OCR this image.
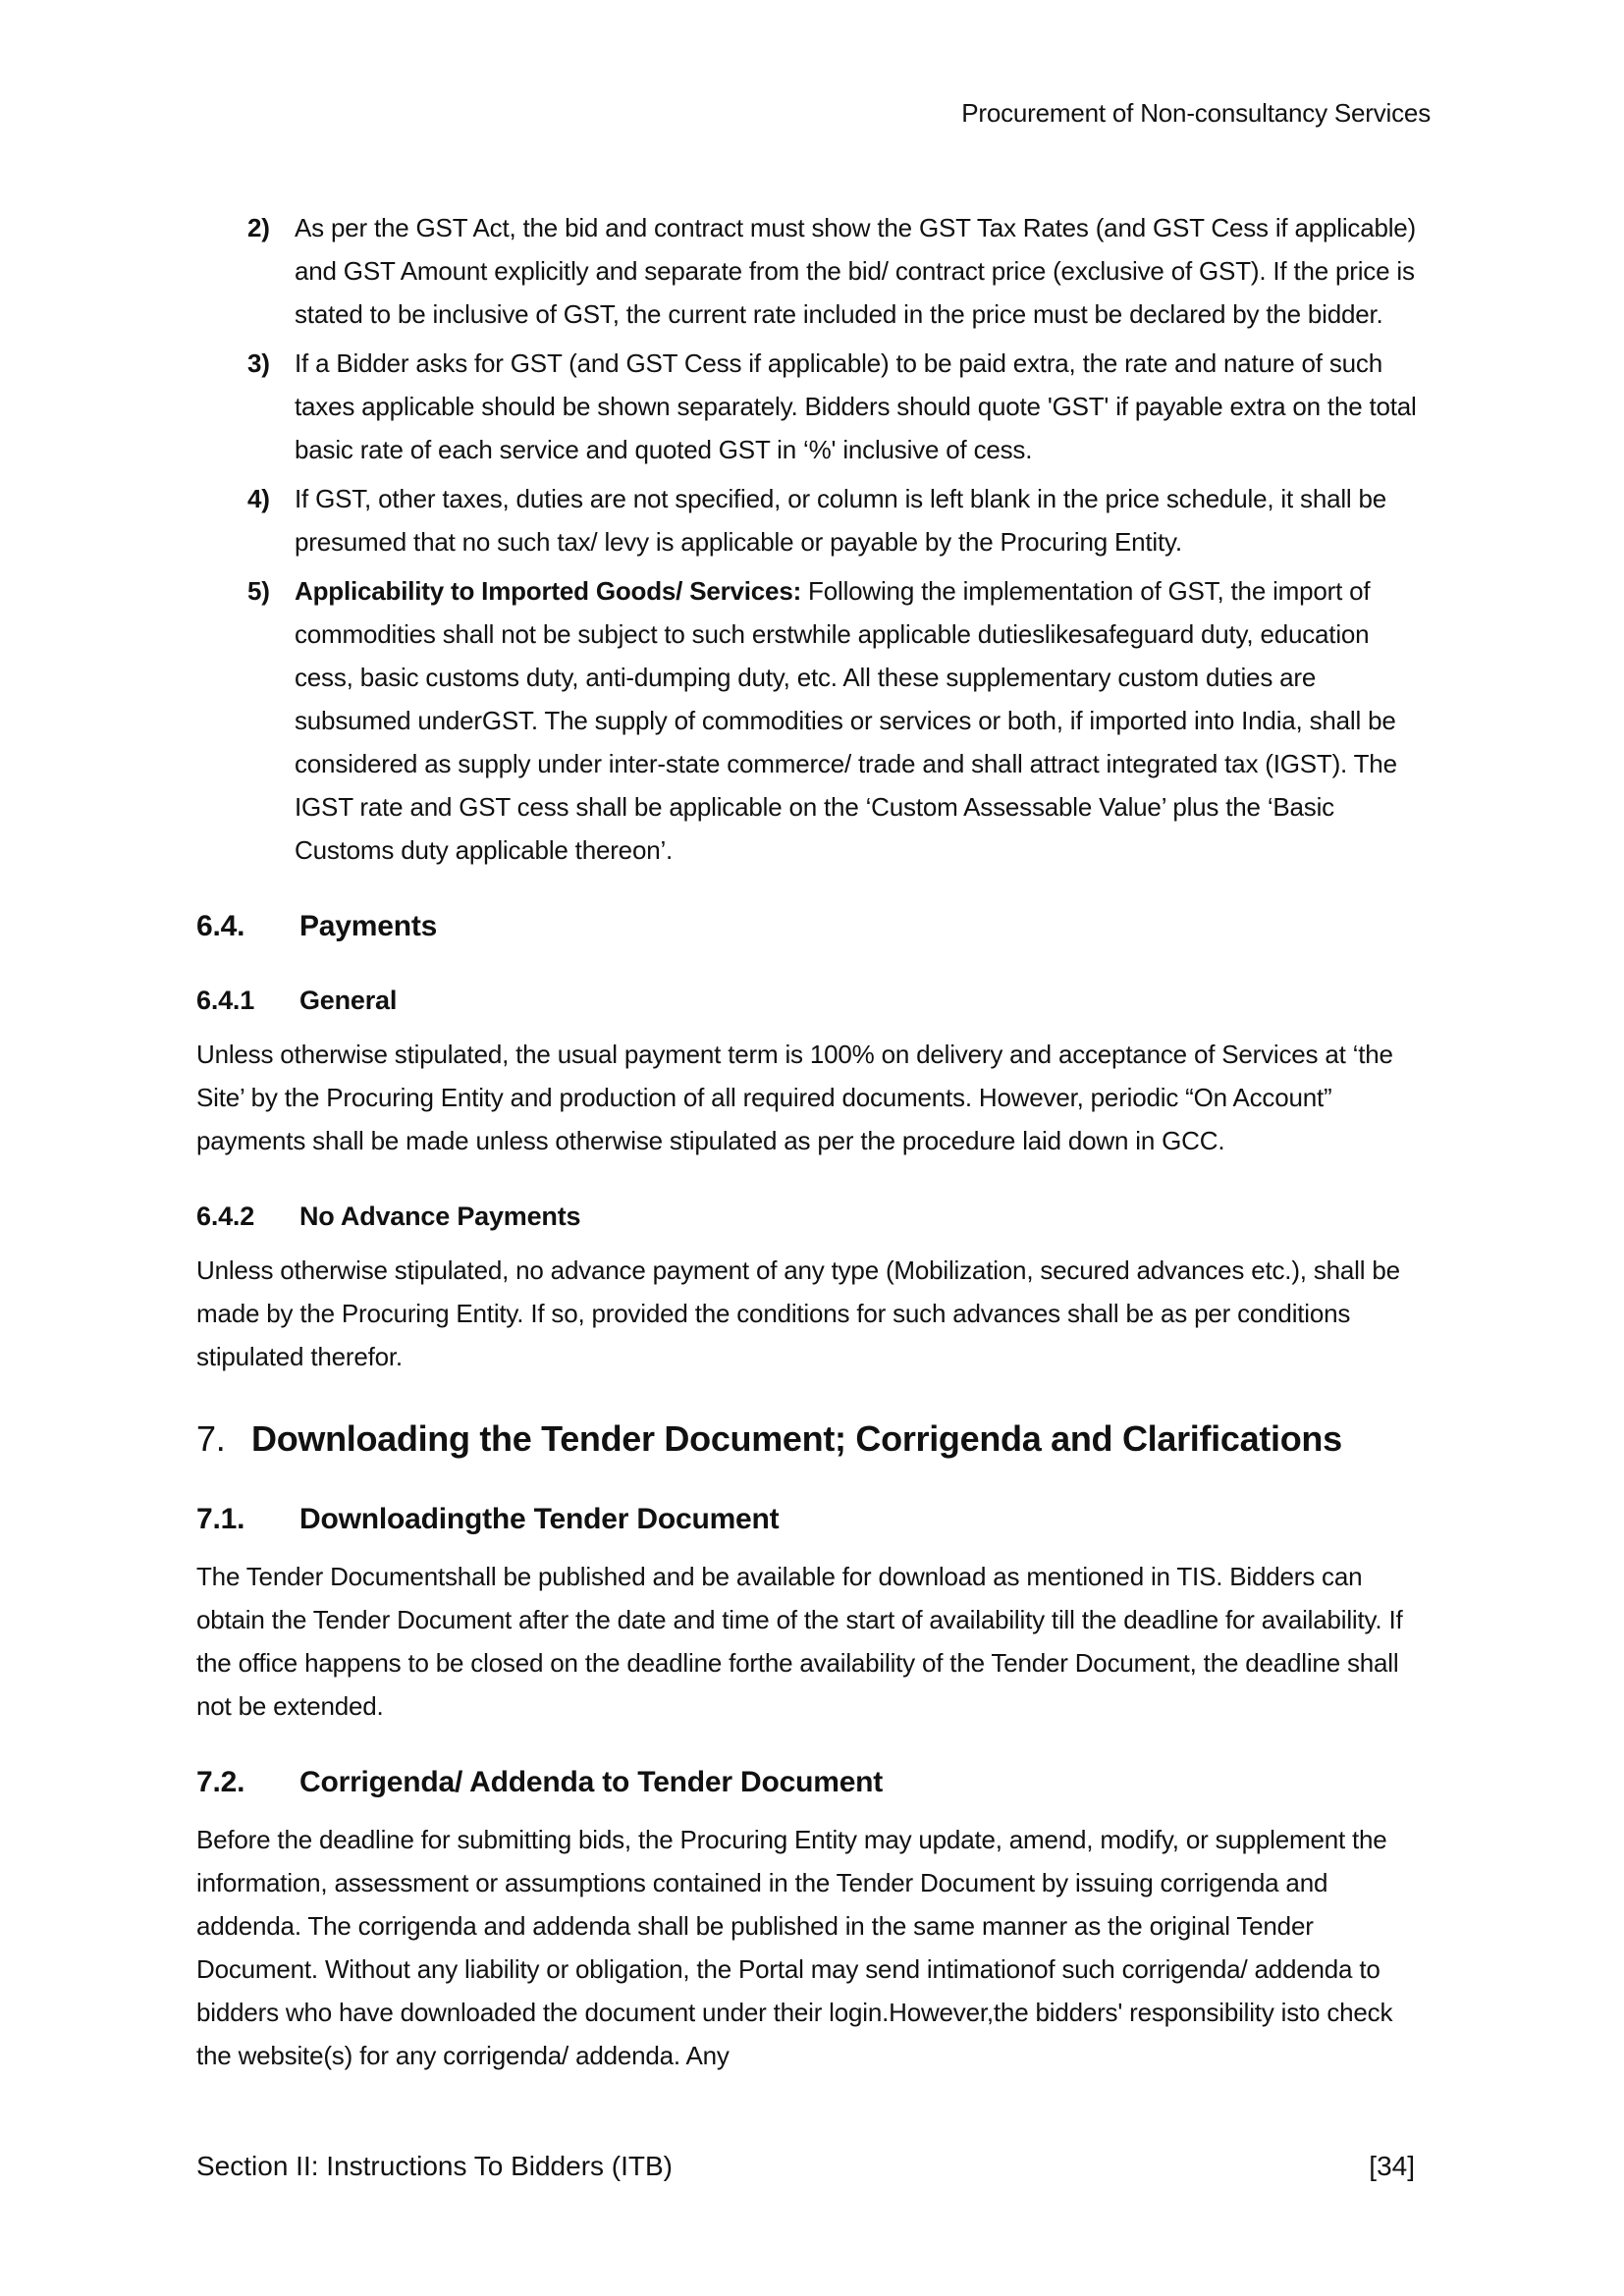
Procurement of Non-consultancy Services
2) As per the GST Act, the bid and contract must show the GST Tax Rates (and GST Cess if applicable) and GST Amount explicitly and separate from the bid/ contract price (exclusive of GST). If the price is stated to be inclusive of GST, the current rate included in the price must be declared by the bidder.
3) If a Bidder asks for GST (and GST Cess if applicable) to be paid extra, the rate and nature of such taxes applicable should be shown separately. Bidders should quote 'GST' if payable extra on the total basic rate of each service and quoted GST in ‘%' inclusive of cess.
4) If GST, other taxes, duties are not specified, or column is left blank in the price schedule, it shall be presumed that no such tax/ levy is applicable or payable by the Procuring Entity.
5) Applicability to Imported Goods/ Services: Following the implementation of GST, the import of commodities shall not be subject to such erstwhile applicable dutieslikesafeguard duty, education cess, basic customs duty, anti-dumping duty, etc. All these supplementary custom duties are subsumed underGST. The supply of commodities or services or both, if imported into India, shall be considered as supply under inter-state commerce/ trade and shall attract integrated tax (IGST). The IGST rate and GST cess shall be applicable on the ‘Custom Assessable Value’ plus the ‘Basic Customs duty applicable thereon’.
6.4. Payments
6.4.1 General

Unless otherwise stipulated, the usual payment term is 100% on delivery and acceptance of Services at ‘the Site’ by the Procuring Entity and production of all required documents. However, periodic “On Account” payments shall be made unless otherwise stipulated as per the procedure laid down in GCC.

6.4.2 No Advance Payments

Unless otherwise stipulated, no advance payment of any type (Mobilization, secured advances etc.), shall be made by the Procuring Entity. If so, provided the conditions for such advances shall be as per conditions stipulated therefor.

7. Downloading the Tender Document; Corrigenda and Clarifications
7.1. Downloadingthe Tender Document

The Tender Documentshall be published and be available for download as mentioned in TIS. Bidders can obtain the Tender Document after the date and time of the start of availability till the deadline for availability. If the office happens to be closed on the deadline forthe availability of the Tender Document, the deadline shall not be extended.

7.2. Corrigenda/ Addenda to Tender Document

Before the deadline for submitting bids, the Procuring Entity may update, amend, modify, or supplement the information, assessment or assumptions contained in the Tender Document by issuing corrigenda and addenda. The corrigenda and addenda shall be published in the same manner as the original Tender Document. Without any liability or obligation, the Portal may send intimationof such corrigenda/ addenda to bidders who have downloaded the document under their login.However,the bidders' responsibility isto check the website(s) for any corrigenda/ addenda. Any

Section II: Instructions To Bidders (ITB)	[34]
